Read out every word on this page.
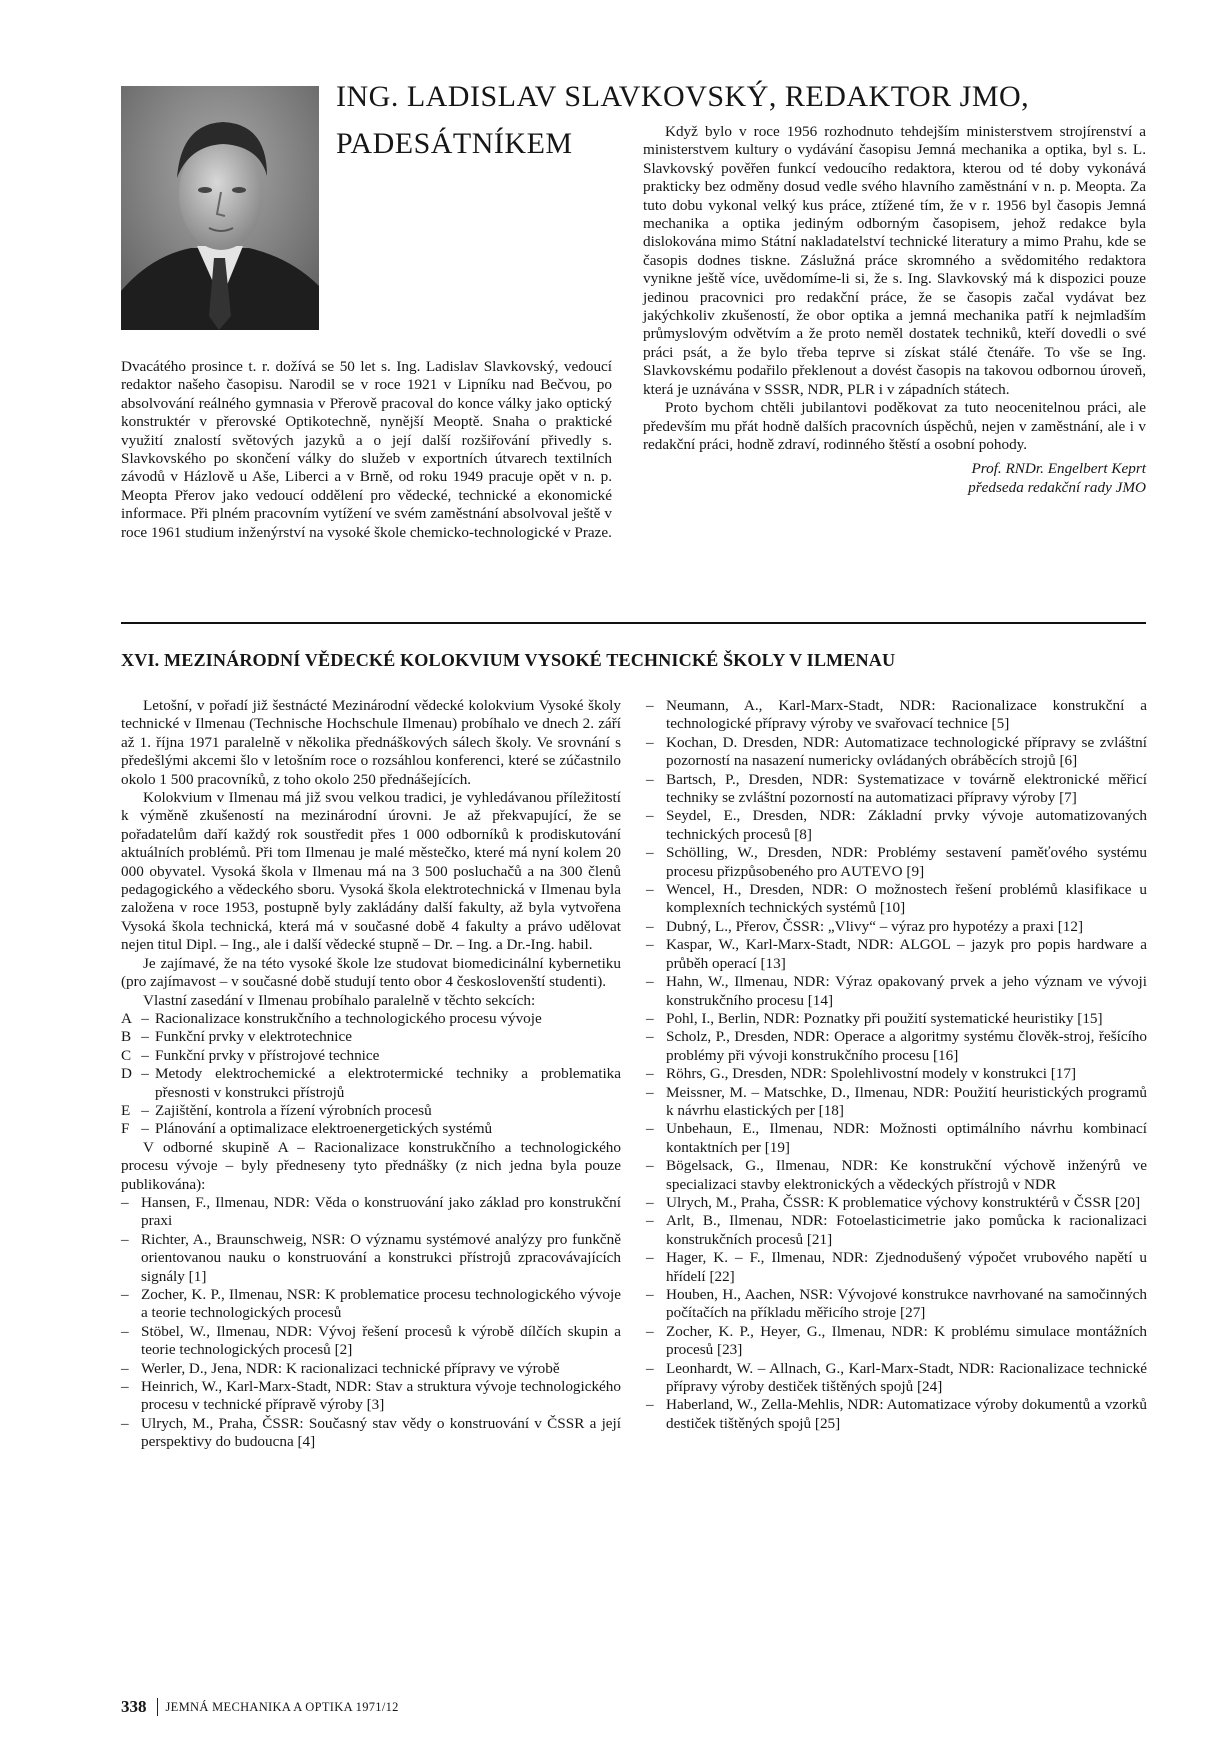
ING. LADISLAV SLAVKOVSKÝ, REDAKTOR JMO,
PADESÁTNÍKEM

Dvacátého prosince t. r. dožívá se 50 let s. Ing. Ladislav Slavkovský, vedoucí redaktor našeho časopisu. Narodil se v roce 1921 v Lipníku nad Bečvou, po absolvování reálného gymnasia v Přerově pracoval do konce války jako optický konstruktér v přerovské Optikotechně, nynější Meoptě. Snaha o praktické využití znalostí světových jazyků a o její další rozšiřování přivedly s. Slavkovského po skončení války do služeb v exportních útvarech textilních závodů v Házlově u Aše, Liberci a v Brně, od roku 1949 pracuje opět v n. p. Meopta Přerov jako vedoucí oddělení pro vědecké, technické a ekonomické informace. Při plném pracovním vytížení ve svém zaměstnání absolvoval ještě v roce 1961 studium inženýrství na vysoké škole chemicko-technologické v Praze.

Když bylo v roce 1956 rozhodnuto tehdejším ministerstvem strojírenství a ministerstvem kultury o vydávání časopisu Jemná mechanika a optika, byl s. L. Slavkovský pověřen funkcí vedoucího redaktora, kterou od té doby vykonává prakticky bez odměny dosud vedle svého hlavního zaměstnání v n. p. Meopta. Za tuto dobu vykonal velký kus práce, ztížené tím, že v r. 1956 byl časopis Jemná mechanika a optika jediným odborným časopisem, jehož redakce byla dislokována mimo Státní nakladatelství technické literatury a mimo Prahu, kde se časopis dodnes tiskne. Záslužná práce skromného a svědomitého redaktora vynikne ještě více, uvědomíme-li si, že s. Ing. Slavkovský má k dispozici pouze jedinou pracovnici pro redakční práce, že se časopis začal vydávat bez jakýchkoliv zkušeností, že obor optika a jemná mechanika patří k nejmladším průmyslovým odvětvím a že proto neměl dostatek techniků, kteří dovedli o své práci psát, a že bylo třeba teprve si získat stálé čtenáře. To vše se Ing. Slavkovskému podařilo překlenout a dovést časopis na takovou odbornou úroveň, která je uznávána v SSSR, NDR, PLR i v západních státech.

Proto bychom chtěli jubilantovi poděkovat za tuto neocenitelnou práci, ale především mu přát hodně dalších pracovních úspěchů, nejen v zaměstnání, ale i v redakční práci, hodně zdraví, rodinného štěstí a osobní pohody.

Prof. RNDr. Engelbert Keprt
předseda redakční rady JMO
XVI. MEZINÁRODNÍ VĚDECKÉ KOLOKVIUM VYSOKÉ TECHNICKÉ ŠKOLY V ILMENAU

Letošní, v pořadí již šestnácté Mezinárodní vědecké kolokvium Vysoké školy technické v Ilmenau (Technische Hochschule Ilmenau) probíhalo ve dnech 2. září až 1. října 1971 paralelně v několika přednáškových sálech školy. Ve srovnání s předešlými akcemi šlo v letošním roce o rozsáhlou konferenci, které se zúčastnilo okolo 1 500 pracovníků, z toho okolo 250 přednášejících.

Kolokvium v Ilmenau má již svou velkou tradici, je vyhledávanou příležitostí k výměně zkušeností na mezinárodní úrovni. Je až překvapující, že se pořadatelům daří každý rok soustředit přes 1 000 odborníků k prodiskutování aktuálních problémů. Při tom Ilmenau je malé městečko, které má nyní kolem 20 000 obyvatel. Vysoká škola v Ilmenau má na 3 500 posluchačů a na 300 členů pedagogického a vědeckého sboru. Vysoká škola elektrotechnická v Ilmenau byla založena v roce 1953, postupně byly zakládány další fakulty, až byla vytvořena Vysoká škola technická, která má v současné době 4 fakulty a právo udělovat nejen titul Dipl. – Ing., ale i další vědecké stupně – Dr. – Ing. a Dr.-Ing. habil.

Je zajímavé, že na této vysoké škole lze studovat biomedicinální kybernetiku (pro zajímavost – v současné době studují tento obor 4 českoslovenští studenti).

Vlastní zasedání v Ilmenau probíhalo paralelně v těchto sekcích:

A – Racionalizace konstrukčního a technologického procesu vývoje
B – Funkční prvky v elektrotechnice
C – Funkční prvky v přístrojové technice
D – Metody elektrochemické a elektrotermické techniky a problematika přesnosti v konstrukci přístrojů
E – Zajištění, kontrola a řízení výrobních procesů
F – Plánování a optimalizace elektroenergetických systémů

V odborné skupině A – Racionalizace konstrukčního a technologického procesu vývoje – byly předneseny tyto přednášky (z nich jedna byla pouze publikována):

– Hansen, F., Ilmenau, NDR: Věda o konstruování jako základ pro konstrukční praxi
– Richter, A., Braunschweig, NSR: O významu systémové analýzy pro funkčně orientovanou nauku o konstruování a konstrukci přístrojů zpracovávajících signály [1]
– Zocher, K. P., Ilmenau, NSR: K problematice procesu technologického vývoje a teorie technologických procesů
– Stöbel, W., Ilmenau, NDR: Vývoj řešení procesů k výrobě dílčích skupin a teorie technologických procesů [2]
– Werler, D., Jena, NDR: K racionalizaci technické přípravy ve výrobě
– Heinrich, W., Karl-Marx-Stadt, NDR: Stav a struktura vývoje technologického procesu v technické přípravě výroby [3]
– Ulrych, M., Praha, ČSSR: Současný stav vědy o konstruování v ČSSR a její perspektivy do budoucna [4]
– Neumann, A., Karl-Marx-Stadt, NDR: Racionalizace konstrukční a technologické přípravy výroby ve svařovací technice [5]
– Kochan, D. Dresden, NDR: Automatizace technologické přípravy se zvláštní pozorností na nasazení numericky ovládaných obráběcích strojů [6]
– Bartsch, P., Dresden, NDR: Systematizace v továrně elektronické měřicí techniky se zvláštní pozorností na automatizaci přípravy výroby [7]
– Seydel, E., Dresden, NDR: Základní prvky vývoje automatizovaných technických procesů [8]
– Schölling, W., Dresden, NDR: Problémy sestavení paměťového systému procesu přizpůsobeného pro AUTEVO [9]
– Wencel, H., Dresden, NDR: O možnostech řešení problémů klasifikace u komplexních technických systémů [10]
– Dubný, L., Přerov, ČSSR: „Vlivy“ – výraz pro hypotézy a praxi [12]
– Kaspar, W., Karl-Marx-Stadt, NDR: ALGOL – jazyk pro popis hardware a průběh operací [13]
– Hahn, W., Ilmenau, NDR: Výraz opakovaný prvek a jeho význam ve vývoji konstrukčního procesu [14]
– Pohl, I., Berlin, NDR: Poznatky při použití systematické heuristiky [15]
– Scholz, P., Dresden, NDR: Operace a algoritmy systému člověk-stroj, řešícího problémy při vývoji konstrukčního procesu [16]
– Röhrs, G., Dresden, NDR: Spolehlivostní modely v konstrukci [17]
– Meissner, M. – Matschke, D., Ilmenau, NDR: Použití heuristických programů k návrhu elastických per [18]
– Unbehaun, E., Ilmenau, NDR: Možnosti optimálního návrhu kombinací kontaktních per [19]
– Bögelsack, G., Ilmenau, NDR: Ke konstrukční výchově inženýrů ve specializaci stavby elektronických a vědeckých přístrojů v NDR
– Ulrych, M., Praha, ČSSR: K problematice výchovy konstruktérů v ČSSR [20]
– Arlt, B., Ilmenau, NDR: Fotoelasticimetrie jako pomůcka k racionalizaci konstrukčních procesů [21]
– Hager, K. – F., Ilmenau, NDR: Zjednodušený výpočet vrubového napětí u hřídelí [22]
– Houben, H., Aachen, NSR: Vývojové konstrukce navrhované na samočinných počítačích na příkladu měřicího stroje [27]
– Zocher, K. P., Heyer, G., Ilmenau, NDR: K problému simulace montážních procesů [23]
– Leonhardt, W. – Allnach, G., Karl-Marx-Stadt, NDR: Racionalizace technické přípravy výroby destiček tištěných spojů [24]
– Haberland, W., Zella-Mehlis, NDR: Automatizace výroby dokumentů a vzorků destiček tištěných spojů [25]
338 JEMNÁ MECHANIKA A OPTIKA 1971/12
